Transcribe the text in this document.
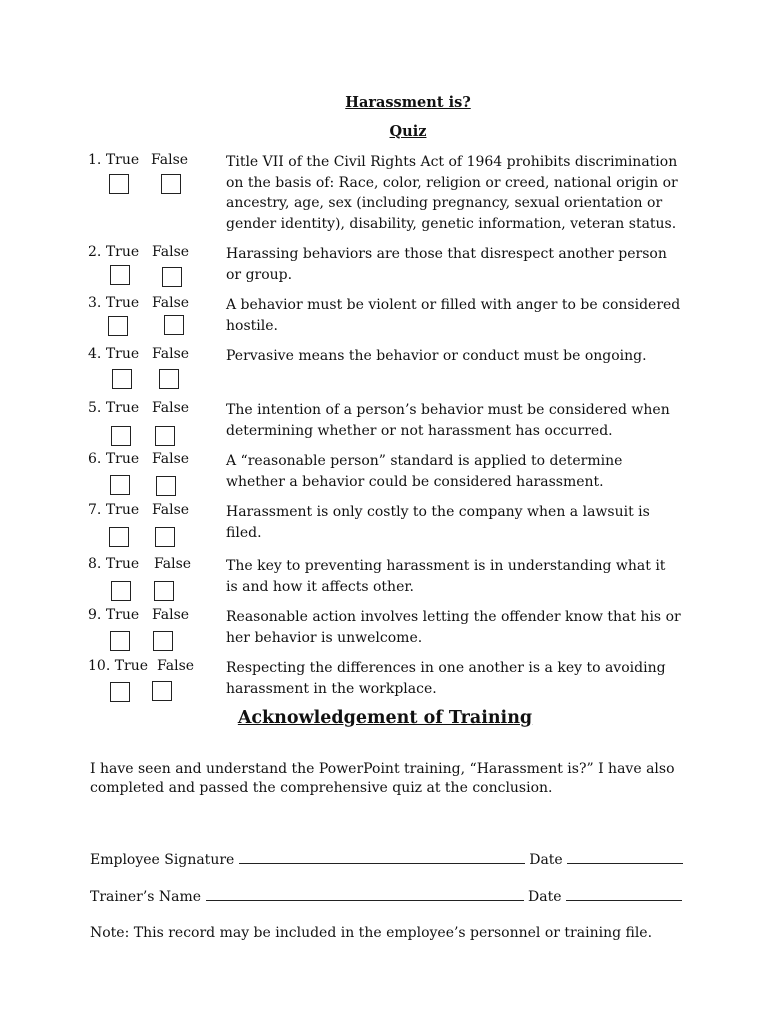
Harassment is?
Quiz
1. True False	Title VII of the Civil Rights Act of 1964 prohibits discrimination on the basis of: Race, color, religion or creed, national origin or ancestry, age, sex (including pregnancy, sexual orientation or gender identity), disability, genetic information, veteran status.

2. True False	Harassing behaviors are those that disrespect another person or group.

3. True False	A behavior must be violent or filled with anger to be considered hostile.

4. True False	Pervasive means the behavior or conduct must be ongoing.

5. True False	The intention of a person’s behavior must be considered when determining whether or not harassment has occurred.

6. True False	A “reasonable person” standard is applied to determine whether a behavior could be considered harassment.

7. True False	Harassment is only costly to the company when a lawsuit is filed.

8. True False The key to preventing harassment is in understanding what it is and how it affects other.

9. True False	Reasonable action involves letting the offender know that his or her behavior is unwelcome.

10. True False Respecting the differences in one another is a key to avoiding harassment in the workplace.

Acknowledgement of Training

I have seen and understand the PowerPoint training, “Harassment is?” I have also completed and passed the comprehensive quiz at the conclusion.

Employee Signature	Date
Trainer’s Name	Date

Note: This record may be included in the employee’s personnel or training file.
